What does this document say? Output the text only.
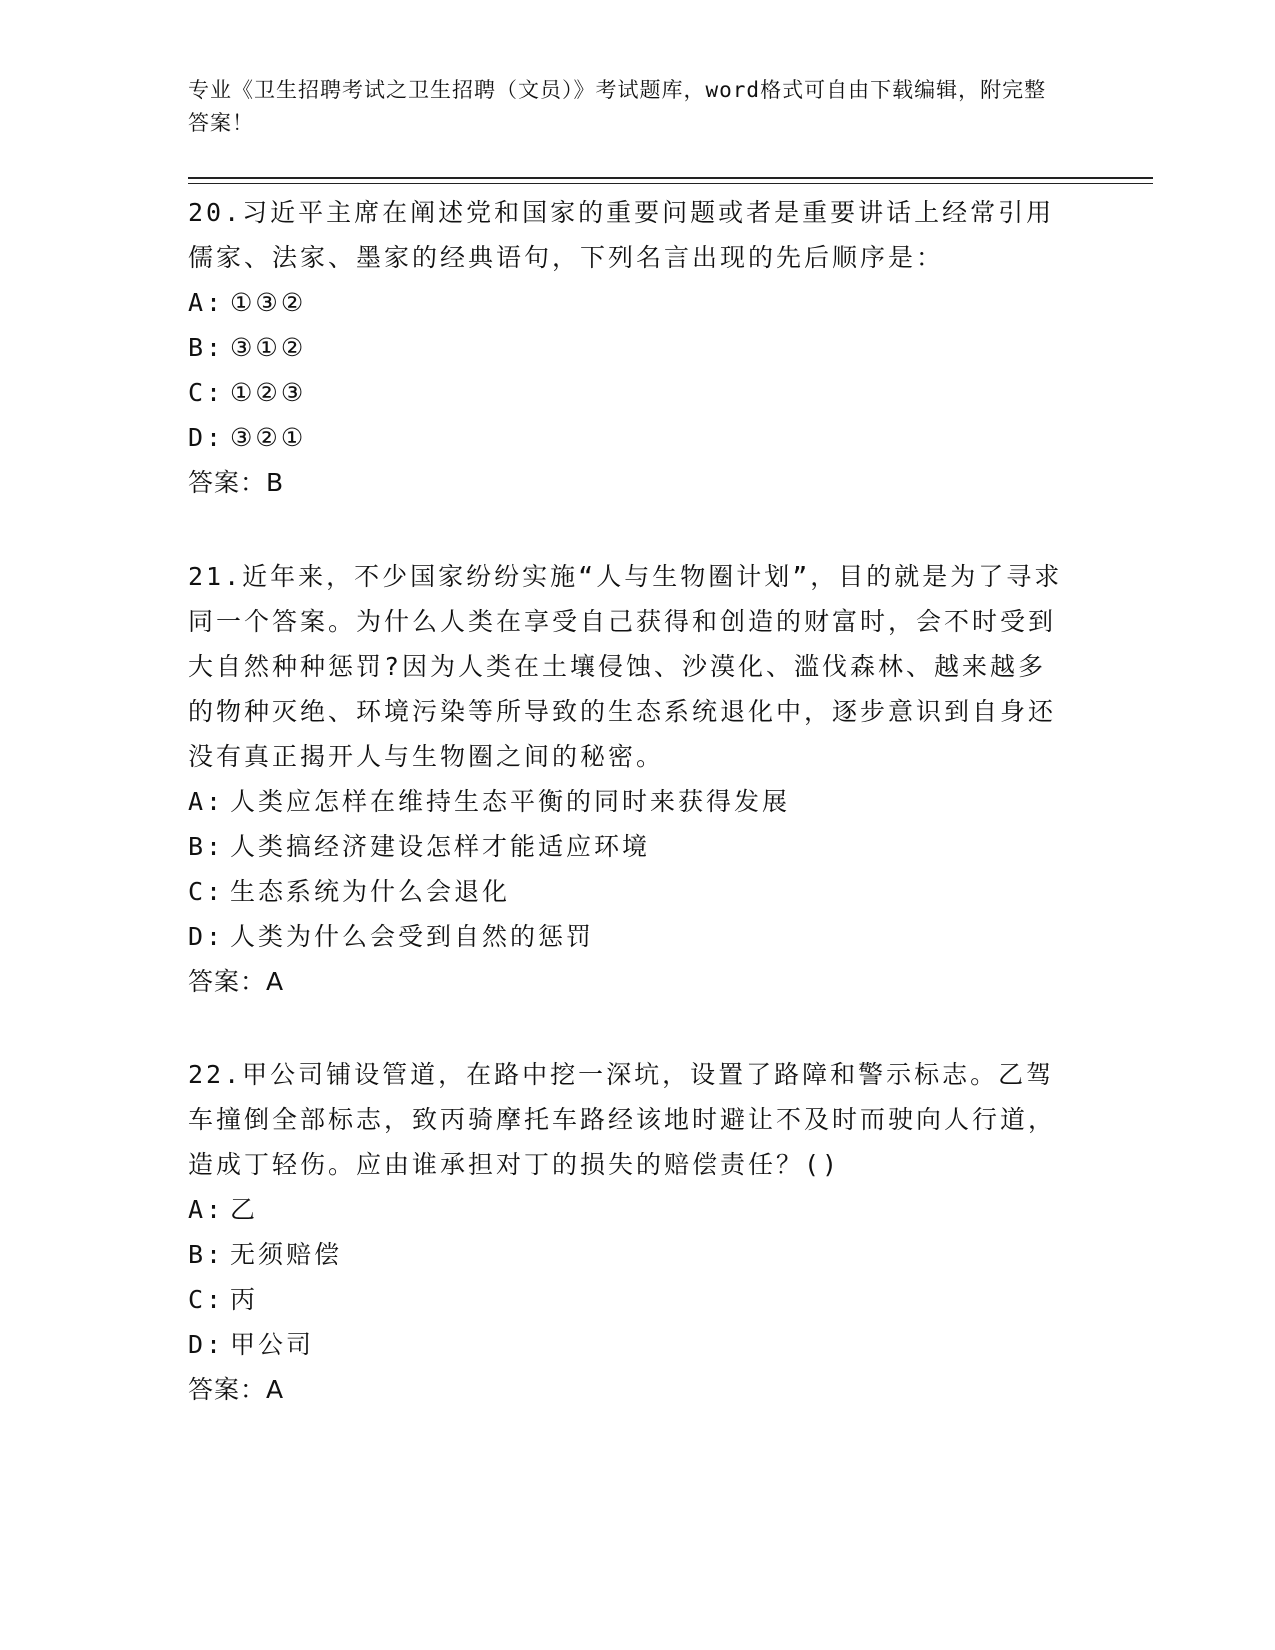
专业《卫生招聘考试之卫生招聘（文员）》考试题库，word格式可自由下载编辑，附完整答案！

20.习近平主席在阐述党和国家的重要问题或者是重要讲话上经常引用儒家、法家、墨家的经典语句，下列名言出现的先后顺序是：

A: ①③②

B: ③①②

C: ①②③

D: ③②①

答案：B

21.近年来，不少国家纷纷实施“人与生物圈计划”，目的就是为了寻求同一个答案。为什么人类在享受自己获得和创造的财富时，会不时受到大自然种种惩罚?因为人类在土壤侵蚀、沙漠化、滥伐森林、越来越多的物种灭绝、环境污染等所导致的生态系统退化中，逐步意识到自身还没有真正揭开人与生物圈之间的秘密。

A: 人类应怎样在维持生态平衡的同时来获得发展

B: 人类搞经济建设怎样才能适应环境

C: 生态系统为什么会退化

D: 人类为什么会受到自然的惩罚

答案：A

22.甲公司铺设管道，在路中挖一深坑，设置了路障和警示标志。乙驾车撞倒全部标志，致丙骑摩托车路经该地时避让不及时而驶向人行道，造成丁轻伤。应由谁承担对丁的损失的赔偿责任？()

A: 乙

B: 无须赔偿

C: 丙

D: 甲公司

答案：A
